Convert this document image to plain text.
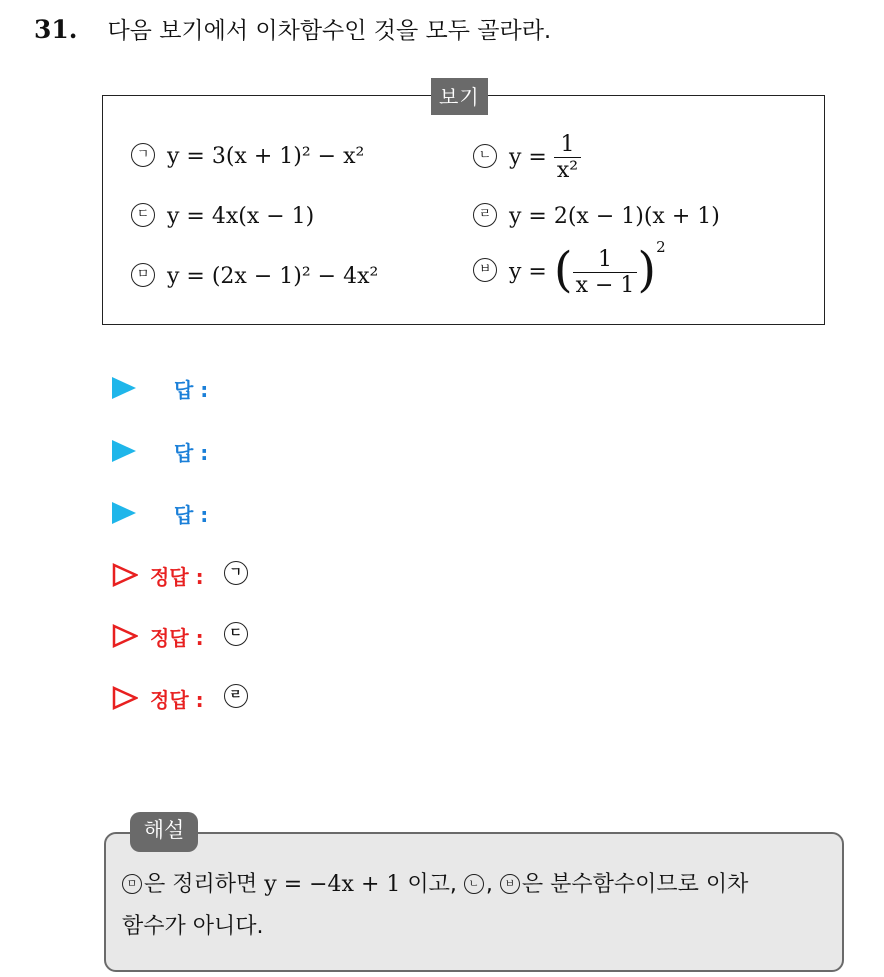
31. 다음 보기에서 이차함수인 것을 모두 골라라.
보기
ㄱ y = 3(x + 1)² − x²	ㄴ $y = \frac{1}{\text{x²}}$
ㄷ y = 4x(x − 1)	ㄹ y = 2(x − 1)(x + 1)
ㅁ y = (2x − 1)² − 4x²	ㅂ y = ( $\frac{1}{x - 1} )^2$
답 :
답 :
답 :
정답 :	ㄱ
정답 :	ㄷ
정답 :	ㄹ
ㅁ 은 정리하면 y = −4x + 1 이고, ㄴ , ㅂ 은 분수함수이므로 이차
함수가 아니다.
해설
